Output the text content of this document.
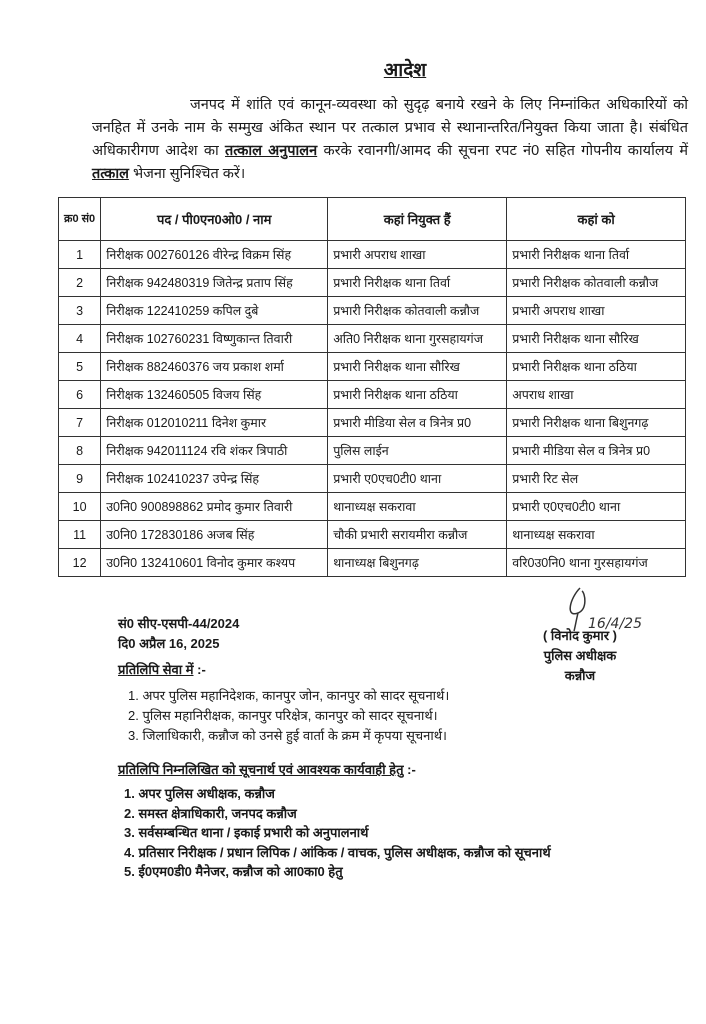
आदेश
जनपद में शांति एवं कानून-व्यवस्था को सुदृढ़ बनाये रखने के लिए निम्नांकित अधिकारियों को जनहित में उनके नाम के सम्मुख अंकित स्थान पर तत्काल प्रभाव से स्थानान्तरित/नियुक्त किया जाता है। संबंधित अधिकारीगण आदेश का तत्काल अनुपालन करके रवानगी/आमद की सूचना रपट नं0 सहित गोपनीय कार्यालय में तत्काल भेजना सुनिश्चित करें।
क्र0 सं0	पद / पी0एन0ओ0 / नाम	कहां नियुक्त हैं	कहां को
1	निरीक्षक 002760126 वीरेन्द्र विक्रम सिंह	प्रभारी अपराध शाखा	प्रभारी निरीक्षक थाना तिर्वा
2	निरीक्षक 942480319 जितेन्द्र प्रताप सिंह	प्रभारी निरीक्षक थाना तिर्वा	प्रभारी निरीक्षक कोतवाली कन्नौज
3	निरीक्षक 122410259 कपिल दुबे	प्रभारी निरीक्षक कोतवाली कन्नौज	प्रभारी अपराध शाखा
4	निरीक्षक 102760231 विष्णुकान्त तिवारी	अति0 निरीक्षक थाना गुरसहायगंज	प्रभारी निरीक्षक थाना सौरिख
5	निरीक्षक 882460376 जय प्रकाश शर्मा	प्रभारी निरीक्षक थाना सौरिख	प्रभारी निरीक्षक थाना ठठिया
6	निरीक्षक 132460505 विजय सिंह	प्रभारी निरीक्षक थाना ठठिया	अपराध शाखा
7	निरीक्षक 012010211 दिनेश कुमार	प्रभारी मीडिया सेल व त्रिनेत्र प्र0	प्रभारी निरीक्षक थाना बिशुनगढ़
8	निरीक्षक 942011124 रवि शंकर त्रिपाठी	पुलिस लाईन	प्रभारी मीडिया सेल व त्रिनेत्र प्र0
9	निरीक्षक 102410237 उपेन्द्र सिंह	प्रभारी ए0एच0टी0 थाना	प्रभारी रिट सेल
10	उ0नि0 900898862 प्रमोद कुमार तिवारी	थानाध्यक्ष सकरावा	प्रभारी ए0एच0टी0 थाना
11	उ0नि0 172830186 अजब सिंह	चौकी प्रभारी सरायमीरा कन्नौज	थानाध्यक्ष सकरावा
12	उ0नि0 132410601 विनोद कुमार कश्यप	थानाध्यक्ष बिशुनगढ़	वरि0उ0नि0 थाना गुरसहायगंज
सं0 सीए-एसपी-44/2024
दि0 अप्रैल 16, 2025
16/4/25
( विनोद कुमार )
पुलिस अधीक्षक
कन्नौज
प्रतिलिपि सेवा में :-
1. अपर पुलिस महानिदेशक, कानपुर जोन, कानपुर को सादर सूचनार्थ।
2. पुलिस महानिरीक्षक, कानपुर परिक्षेत्र, कानपुर को सादर सूचनार्थ।
3. जिलाधिकारी, कन्नौज को उनसे हुई वार्ता के क्रम में कृपया सूचनार्थ।
प्रतिलिपि निम्नलिखित को सूचनार्थ एवं आवश्यक कार्यवाही हेतु :-
1. अपर पुलिस अधीक्षक, कन्नौज
2. समस्त क्षेत्राधिकारी, जनपद कन्नौज
3. सर्वसम्बन्धित थाना / इकाई प्रभारी को अनुपालनार्थ
4. प्रतिसार निरीक्षक / प्रधान लिपिक / आंकिक / वाचक, पुलिस अधीक्षक, कन्नौज को सूचनार्थ
5. ई0एम0डी0 मैनेजर, कन्नौज को आ0का0 हेतु
